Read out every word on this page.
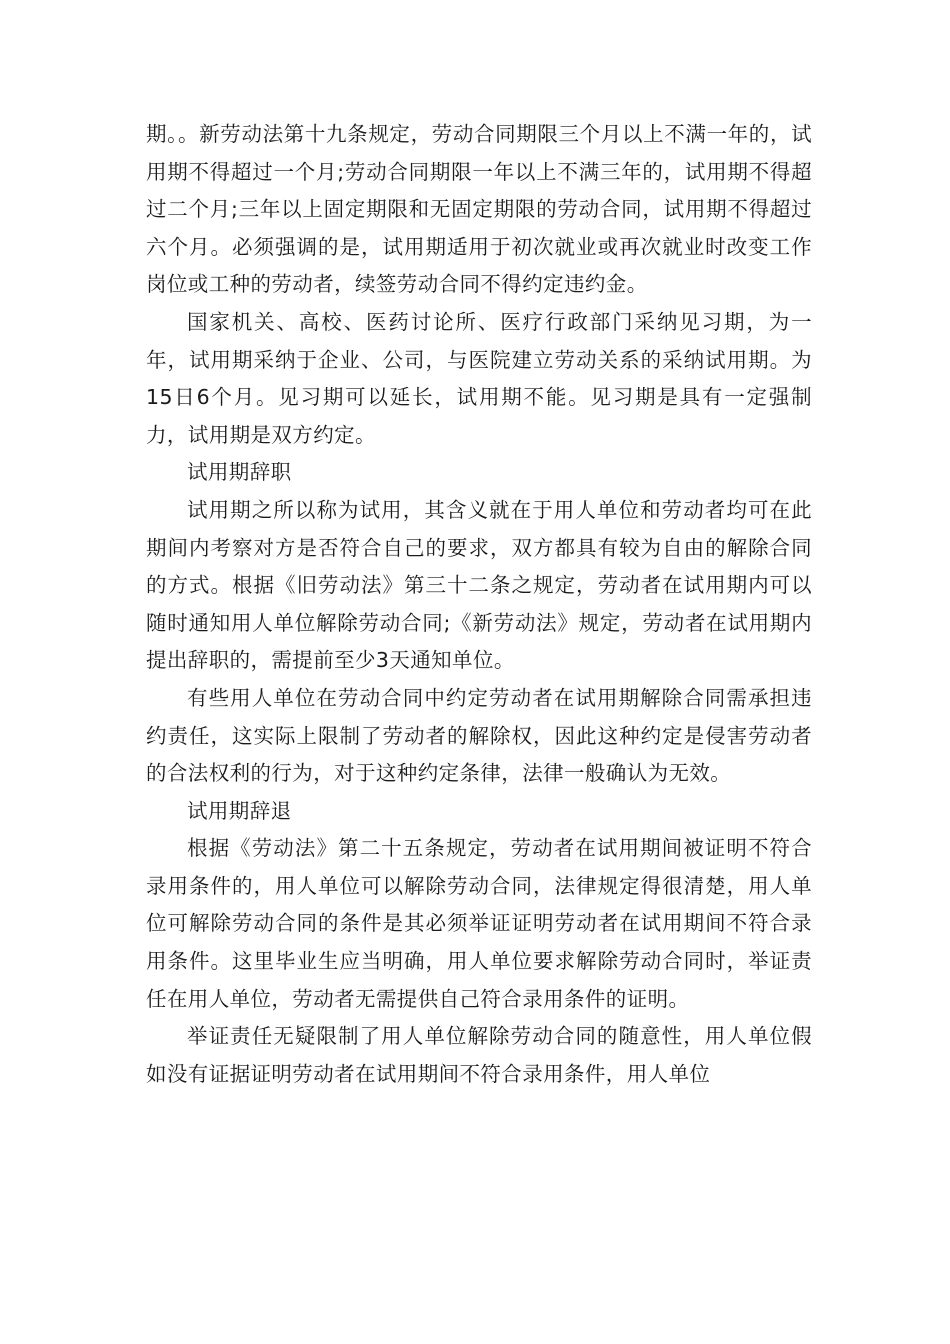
期。。新劳动法第十九条规定，劳动合同期限三个月以上不满一年的，试用期不得超过一个月;劳动合同期限一年以上不满三年的，试用期不得超过二个月;三年以上固定期限和无固定期限的劳动合同，试用期不得超过六个月。必须强调的是，试用期适用于初次就业或再次就业时改变工作岗位或工种的劳动者，续签劳动合同不得约定违约金。

国家机关、高校、医药讨论所、医疗行政部门采纳见习期，为一年，试用期采纳于企业、公司，与医院建立劳动关系的采纳试用期。为15日6个月。见习期可以延长，试用期不能。见习期是具有一定强制力，试用期是双方约定。

试用期辞职

试用期之所以称为试用，其含义就在于用人单位和劳动者均可在此期间内考察对方是否符合自己的要求，双方都具有较为自由的解除合同的方式。根据《旧劳动法》第三十二条之规定，劳动者在试用期内可以随时通知用人单位解除劳动合同;《新劳动法》规定，劳动者在试用期内提出辞职的，需提前至少3天通知单位。

有些用人单位在劳动合同中约定劳动者在试用期解除合同需承担违约责任，这实际上限制了劳动者的解除权，因此这种约定是侵害劳动者的合法权利的行为，对于这种约定条律，法律一般确认为无效。

试用期辞退

根据《劳动法》第二十五条规定，劳动者在试用期间被证明不符合录用条件的，用人单位可以解除劳动合同，法律规定得很清楚，用人单位可解除劳动合同的条件是其必须举证证明劳动者在试用期间不符合录用条件。这里毕业生应当明确，用人单位要求解除劳动合同时，举证责任在用人单位，劳动者无需提供自己符合录用条件的证明。

举证责任无疑限制了用人单位解除劳动合同的随意性，用人单位假如没有证据证明劳动者在试用期间不符合录用条件，用人单位
